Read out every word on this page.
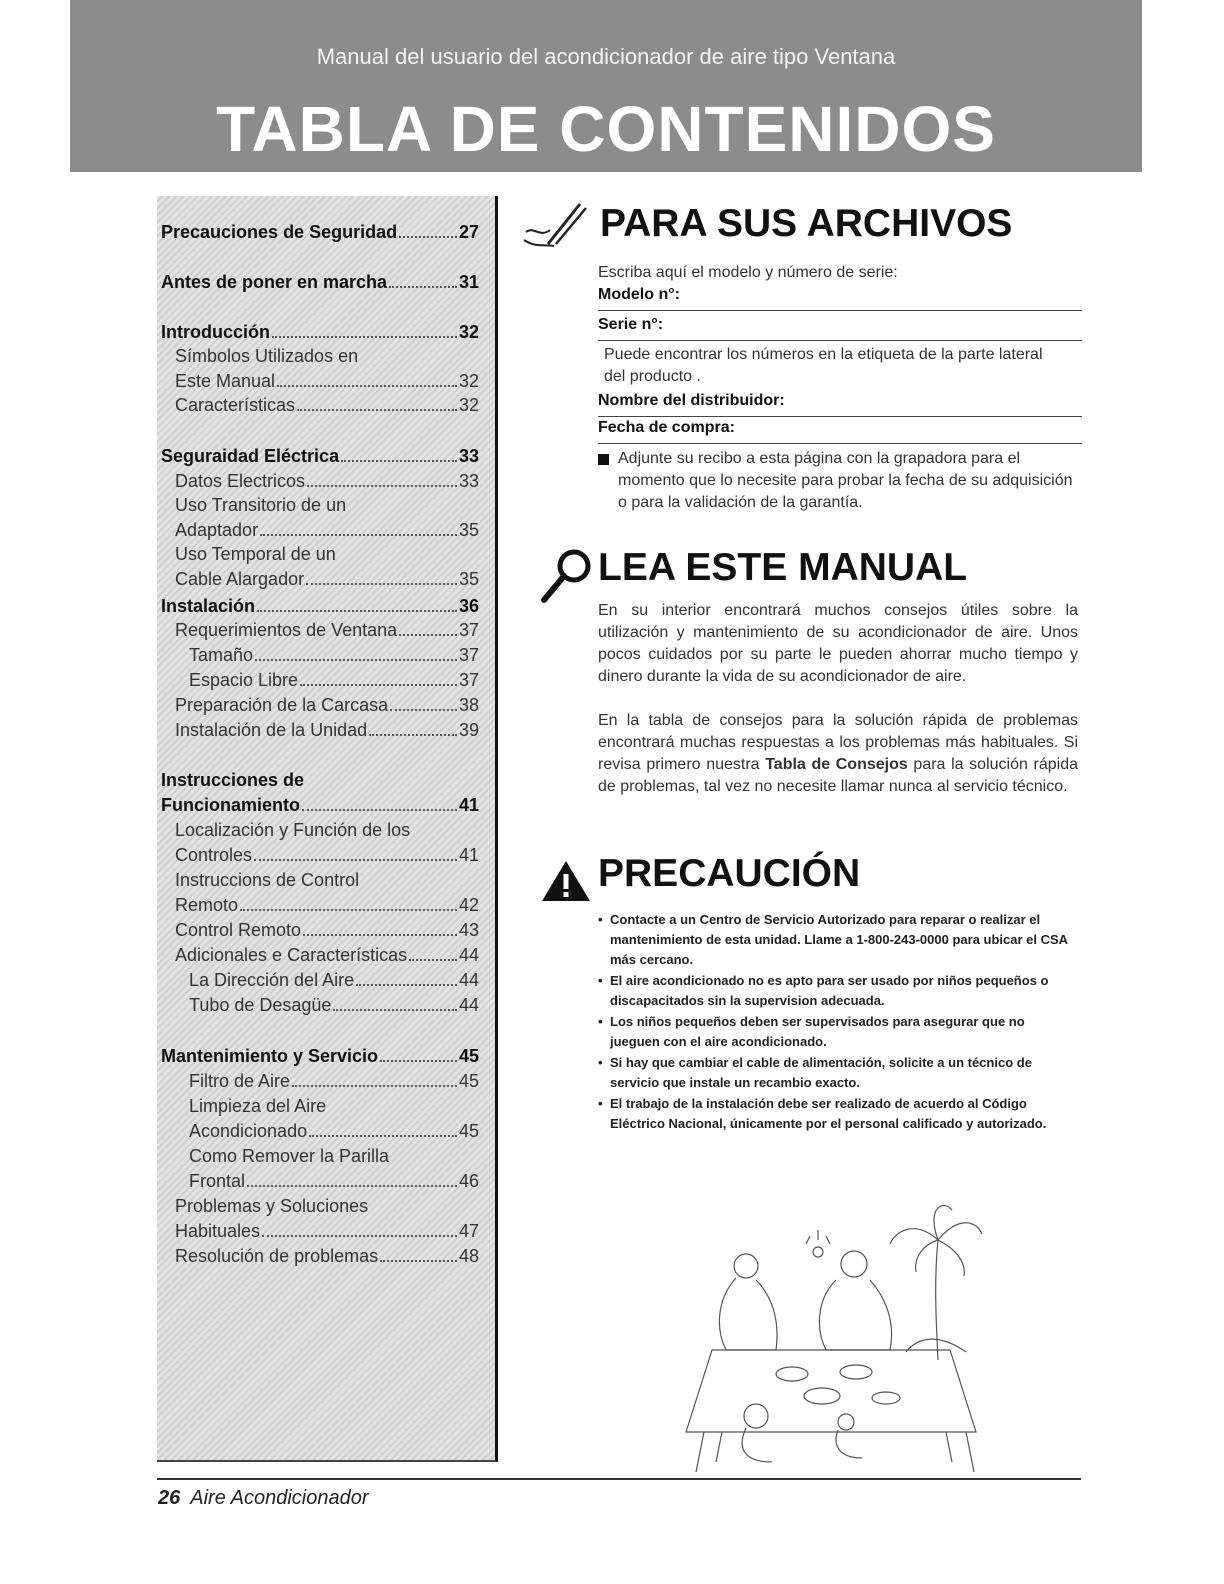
Manual del usuario del acondicionador de aire tipo Ventana
TABLA DE CONTENIDOS
Precauciones de Seguridad	27
Antes de poner en marcha	31
Introducción	32
Símbolos Utilizados en
Este Manual	32
Características	32
Seguraidad Eléctrica	33
Datos Electricos	33
Uso Transitorio de un
Adaptador	35
Uso Temporal de un
Cable Alargador	35
Instalación	36
Requerimientos de Ventana	37
Tamaño	37
Espacio Libre	37
Preparación de la Carcasa	38
Instalación de la Unidad	39
Instrucciones de
Funcionamiento	41
Localización y Función de los
Controles	41
Instruccions de Control
Remoto	42
Control Remoto	43
Adicionales e Características	44
La Dirección del Aire	44
Tubo de Desagüe	44
Mantenimiento y Servicio	45
Filtro de Aire	45
Limpieza del Aire
Acondicionado	45
Como Remover la Parilla
Frontal	46
Problemas y Soluciones
Habituales	47
Resolución de problemas	48
PARA SUS ARCHIVOS
Escriba aquí el modelo y número de serie:
Modelo n°:
Serie n°:
Puede encontrar los números en la etiqueta de la parte lateral del producto .
Nombre del distribuidor:
Fecha de compra:
Adjunte su recibo a esta página con la grapadora para el momento que lo necesite para probar la fecha de su adquisición o para la validación de la garantía.
LEA ESTE MANUAL
En su interior encontrará muchos consejos útiles sobre la utilización y mantenimiento de su acondicionador de aire. Unos pocos cuidados por su parte le pueden ahorrar mucho tiempo y dinero durante la vida de su acondicionador de aire.
En la tabla de consejos para la solución rápida de problemas encontrará muchas respuestas a los problemas más habituales. Si revisa primero nuestra Tabla de Consejos para la solución rápida de problemas, tal vez no necesite llamar nunca al servicio técnico.
PRECAUCIÓN
• Contacte a un Centro de Servicio Autorizado para reparar o realizar el mantenimiento de esta unidad. Llame a 1-800-243-0000 para ubicar el CSA más cercano.
• El aire acondicionado no es apto para ser usado por niños pequeños o discapacitados sin la supervision adecuada.
• Los niños pequeños deben ser supervisados para asegurar que no jueguen con el aire acondicionado.
• Si hay que cambiar el cable de alimentación, solicite a un técnico de servicio que instale un recambio exacto.
• El trabajo de la instalación debe ser realizado de acuerdo al Código Eléctrico Nacional, únicamente por el personal calificado y autorizado.
26 Aire Acondicionador
